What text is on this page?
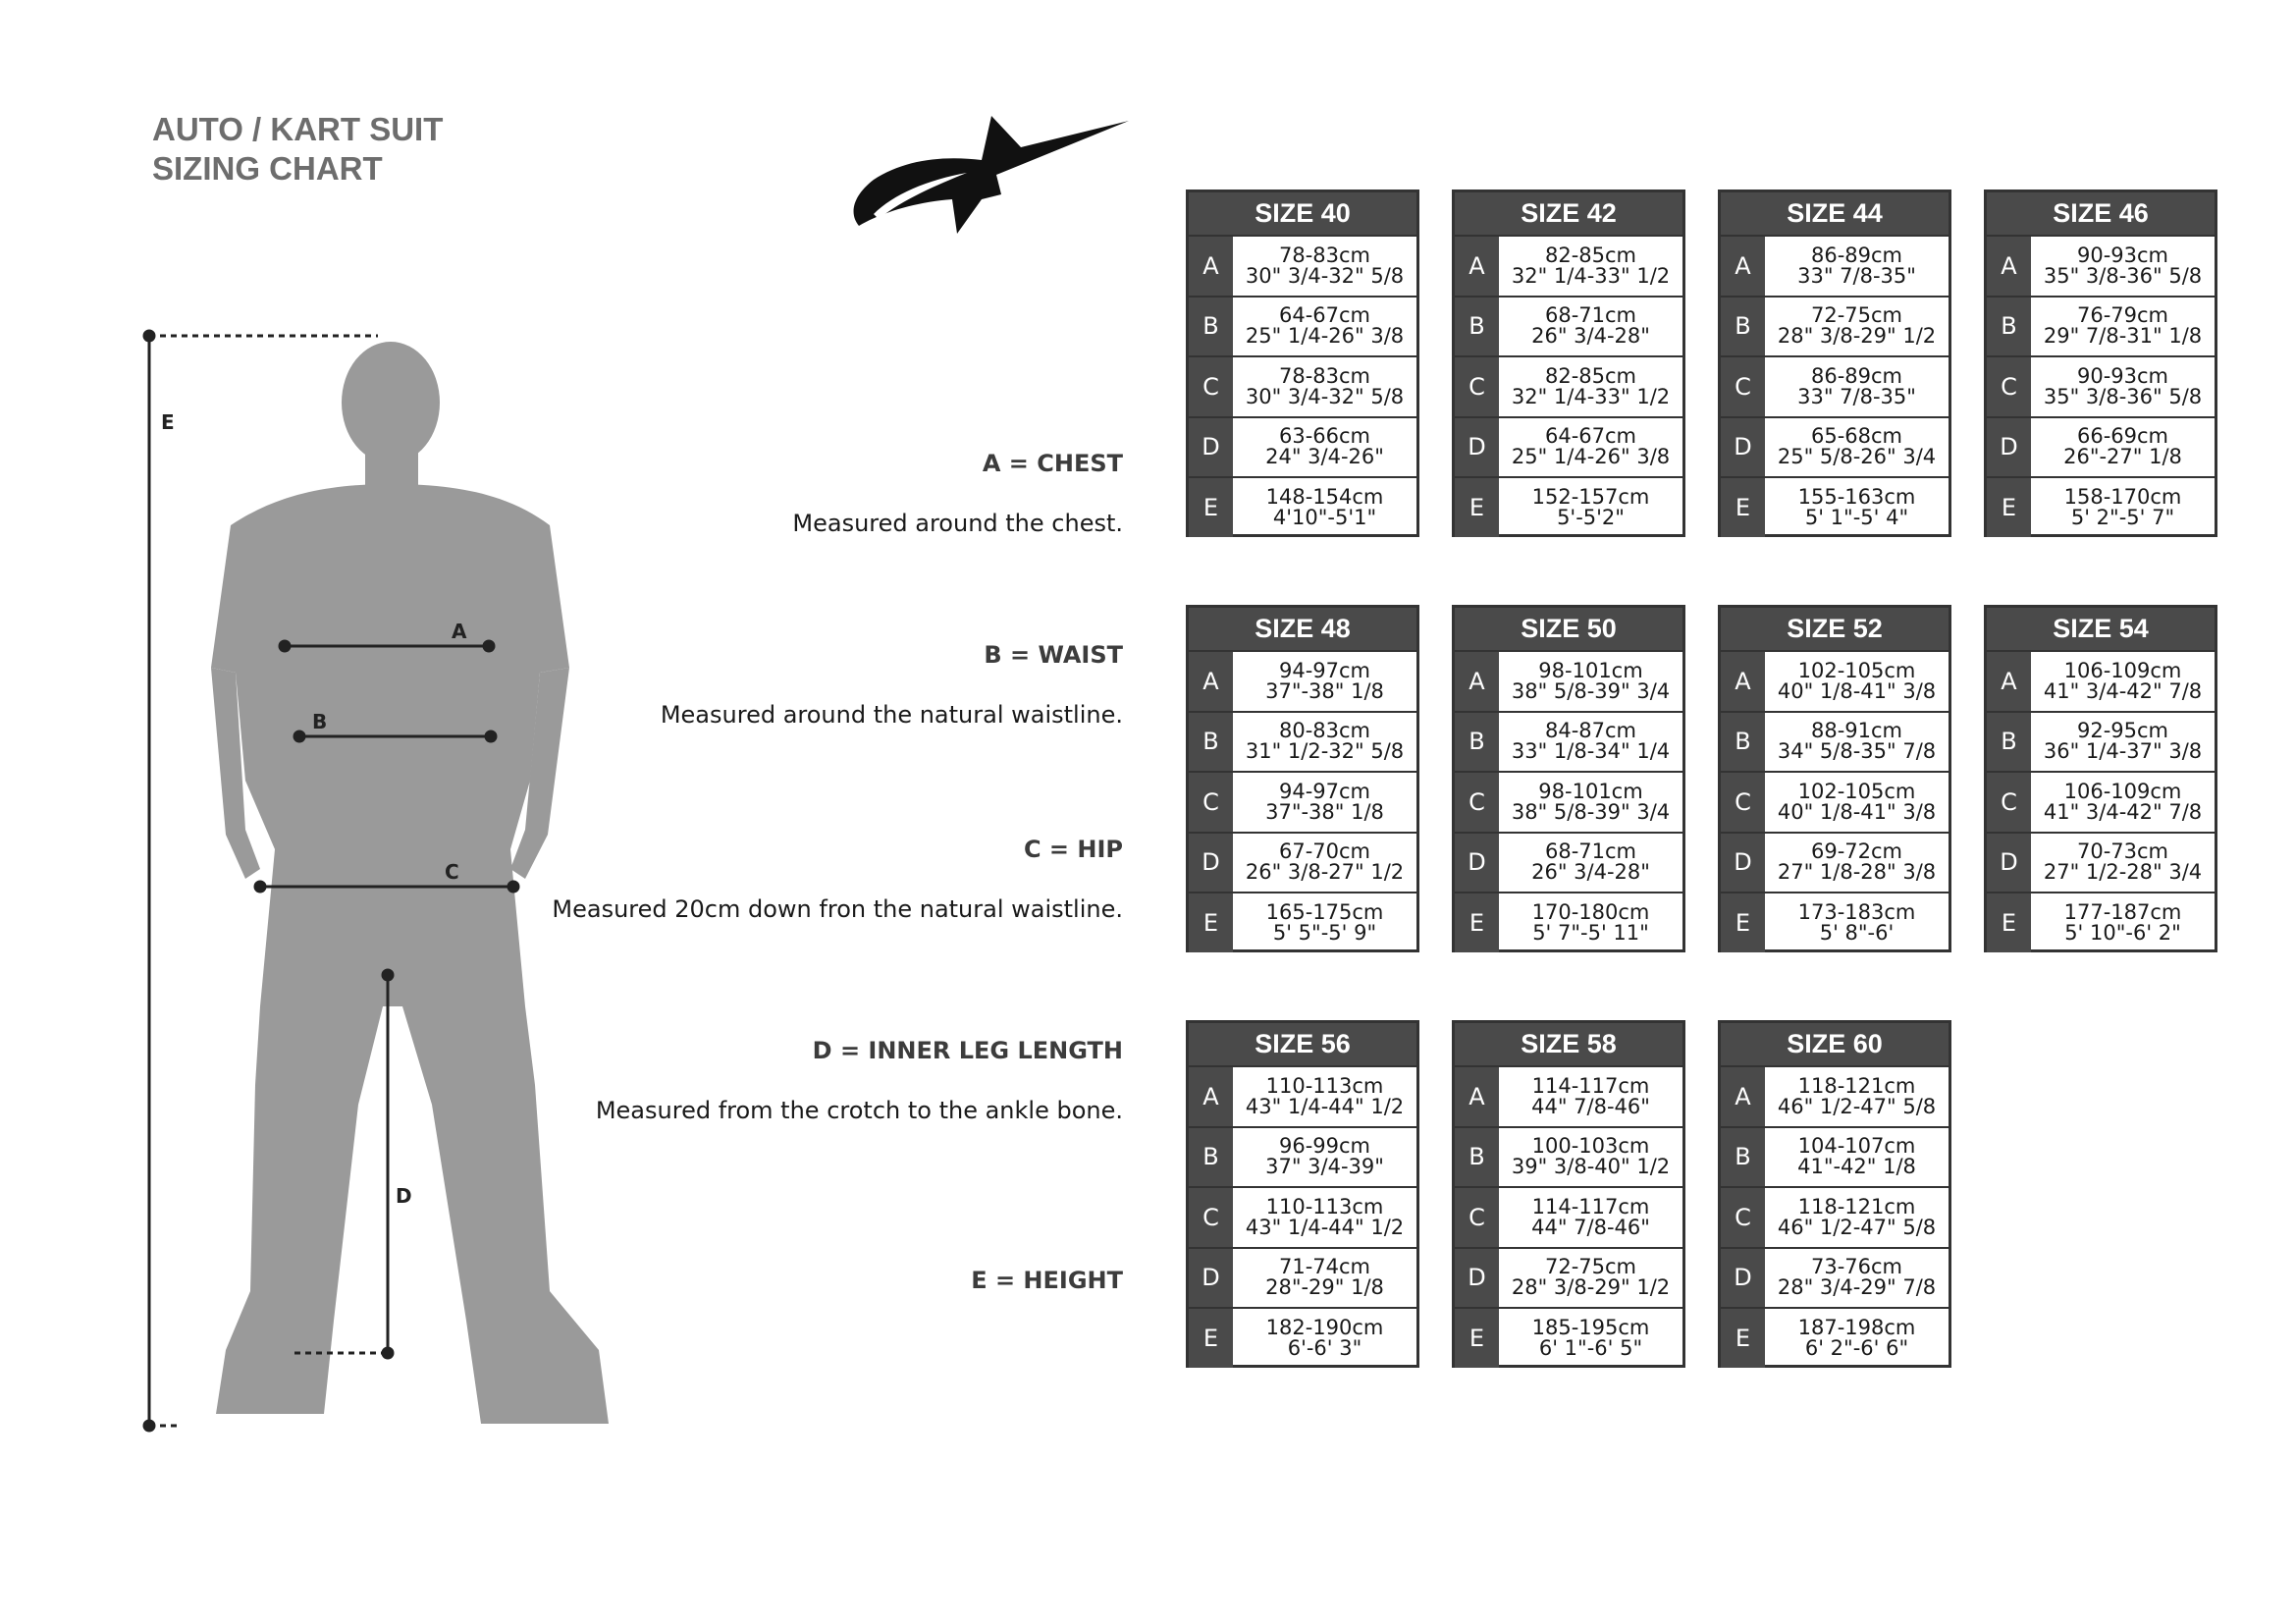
AUTO / KART SUIT
SIZING CHART
A
B
C
D
E
A = CHEST
Measured around the chest.
B = WAIST
Measured around the natural waistline.
C = HIP
Measured 20cm down fron the natural waistline.
D = INNER LEG LENGTH
Measured from the crotch to the ankle bone.
E = HEIGHT
SIZE 40
A	78-83cm
30" 3/4-32" 5/8
B	64-67cm
25" 1/4-26" 3/8
C	78-83cm
30" 3/4-32" 5/8
D	63-66cm
24" 3/4-26"
E	148-154cm
4'10"-5'1"
SIZE 42
A	82-85cm
32" 1/4-33" 1/2
B	68-71cm
26" 3/4-28"
C	82-85cm
32" 1/4-33" 1/2
D	64-67cm
25" 1/4-26" 3/8
E	152-157cm
5'-5'2"
SIZE 44
A	86-89cm
33" 7/8-35"
B	72-75cm
28" 3/8-29" 1/2
C	86-89cm
33" 7/8-35"
D	65-68cm
25" 5/8-26" 3/4
E	155-163cm
5' 1"-5' 4"
SIZE 46
A	90-93cm
35" 3/8-36" 5/8
B	76-79cm
29" 7/8-31" 1/8
C	90-93cm
35" 3/8-36" 5/8
D	66-69cm
26"-27" 1/8
E	158-170cm
5' 2"-5' 7"
SIZE 48
A	94-97cm
37"-38" 1/8
B	80-83cm
31" 1/2-32" 5/8
C	94-97cm
37"-38" 1/8
D	67-70cm
26" 3/8-27" 1/2
E	165-175cm
5' 5"-5' 9"
SIZE 50
A	98-101cm
38" 5/8-39" 3/4
B	84-87cm
33" 1/8-34" 1/4
C	98-101cm
38" 5/8-39" 3/4
D	68-71cm
26" 3/4-28"
E	170-180cm
5' 7"-5' 11"
SIZE 52
A	102-105cm
40" 1/8-41" 3/8
B	88-91cm
34" 5/8-35" 7/8
C	102-105cm
40" 1/8-41" 3/8
D	69-72cm
27" 1/8-28" 3/8
E	173-183cm
5' 8"-6'
SIZE 54
A	106-109cm
41" 3/4-42" 7/8
B	92-95cm
36" 1/4-37" 3/8
C	106-109cm
41" 3/4-42" 7/8
D	70-73cm
27" 1/2-28" 3/4
E	177-187cm
5' 10"-6' 2"
SIZE 56
A	110-113cm
43" 1/4-44" 1/2
B	96-99cm
37" 3/4-39"
C	110-113cm
43" 1/4-44" 1/2
D	71-74cm
28"-29" 1/8
E	182-190cm
6'-6' 3"
SIZE 58
A	114-117cm
44" 7/8-46"
B	100-103cm
39" 3/8-40" 1/2
C	114-117cm
44" 7/8-46"
D	72-75cm
28" 3/8-29" 1/2
E	185-195cm
6' 1"-6' 5"
SIZE 60
A	118-121cm
46" 1/2-47" 5/8
B	104-107cm
41"-42" 1/8
C	118-121cm
46" 1/2-47" 5/8
D	73-76cm
28" 3/4-29" 7/8
E	187-198cm
6' 2"-6' 6"
